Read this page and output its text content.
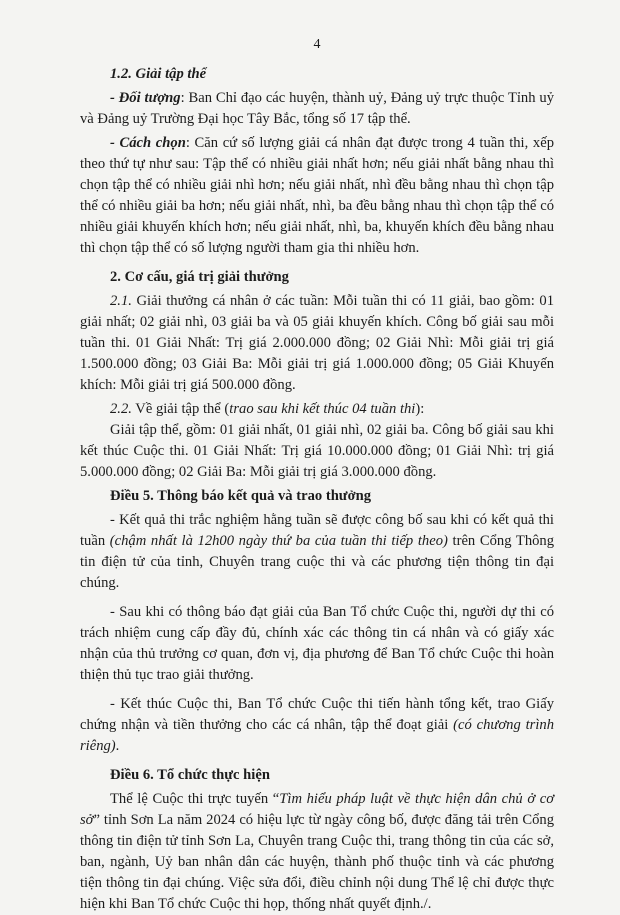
4

1.2. Giải tập thể

- Đối tượng: Ban Chỉ đạo các huyện, thành uỷ, Đảng uỷ trực thuộc Tỉnh uỷ và Đảng uỷ Trường Đại học Tây Bắc, tổng số 17 tập thể.

- Cách chọn: Căn cứ số lượng giải cá nhân đạt được trong 4 tuần thi, xếp theo thứ tự như sau: Tập thể có nhiều giải nhất hơn; nếu giải nhất bằng nhau thì chọn tập thể có nhiều giải nhì hơn; nếu giải nhất, nhì đều bằng nhau thì chọn tập thể có nhiều giải ba hơn; nếu giải nhất, nhì, ba đều bằng nhau thì chọn tập thể có nhiều giải khuyến khích hơn; nếu giải nhất, nhì, ba, khuyến khích đều bằng nhau thì chọn tập thể có số lượng người tham gia thi nhiều hơn.

2. Cơ cấu, giá trị giải thưởng

2.1. Giải thưởng cá nhân ở các tuần: Mỗi tuần thi có 11 giải, bao gồm: 01 giải nhất; 02 giải nhì, 03 giải ba và 05 giải khuyến khích. Công bố giải sau mỗi tuần thi. 01 Giải Nhất: Trị giá 2.000.000 đồng; 02 Giải Nhì: Mỗi giải trị giá 1.500.000 đồng; 03 Giải Ba: Mỗi giải trị giá 1.000.000 đồng; 05 Giải Khuyến khích: Mỗi giải trị giá 500.000 đồng.

2.2. Về giải tập thể (trao sau khi kết thúc 04 tuần thi):

Giải tập thể, gồm: 01 giải nhất, 01 giải nhì, 02 giải ba. Công bố giải sau khi kết thúc Cuộc thi. 01 Giải Nhất: Trị giá 10.000.000 đồng; 01 Giải Nhì: trị giá 5.000.000 đồng; 02 Giải Ba: Mỗi giải trị giá 3.000.000 đồng.

Điều 5. Thông báo kết quả và trao thưởng

- Kết quả thi trắc nghiệm hằng tuần sẽ được công bố sau khi có kết quả thi tuần (chậm nhất là 12h00 ngày thứ ba của tuần thi tiếp theo) trên Cổng Thông tin điện tử của tỉnh, Chuyên trang cuộc thi và các phương tiện thông tin đại chúng.

- Sau khi có thông báo đạt giải của Ban Tổ chức Cuộc thi, người dự thi có trách nhiệm cung cấp đầy đủ, chính xác các thông tin cá nhân và có giấy xác nhận của thủ trưởng cơ quan, đơn vị, địa phương để Ban Tổ chức Cuộc thi hoàn thiện thủ tục trao giải thưởng.

- Kết thúc Cuộc thi, Ban Tổ chức Cuộc thi tiến hành tổng kết, trao Giấy chứng nhận và tiền thưởng cho các cá nhân, tập thể đoạt giải (có chương trình riêng).

Điều 6. Tổ chức thực hiện

Thể lệ Cuộc thi trực tuyến “Tìm hiểu pháp luật về thực hiện dân chủ ở cơ sở” tỉnh Sơn La năm 2024 có hiệu lực từ ngày công bố, được đăng tải trên Cổng thông tin điện tử tỉnh Sơn La, Chuyên trang Cuộc thi, trang thông tin của các sở, ban, ngành, Uỷ ban nhân dân các huyện, thành phố thuộc tỉnh và các phương tiện thông tin đại chúng. Việc sửa đổi, điều chỉnh nội dung Thể lệ chỉ được thực hiện khi Ban Tổ chức Cuộc thi họp, thống nhất quyết định./.
